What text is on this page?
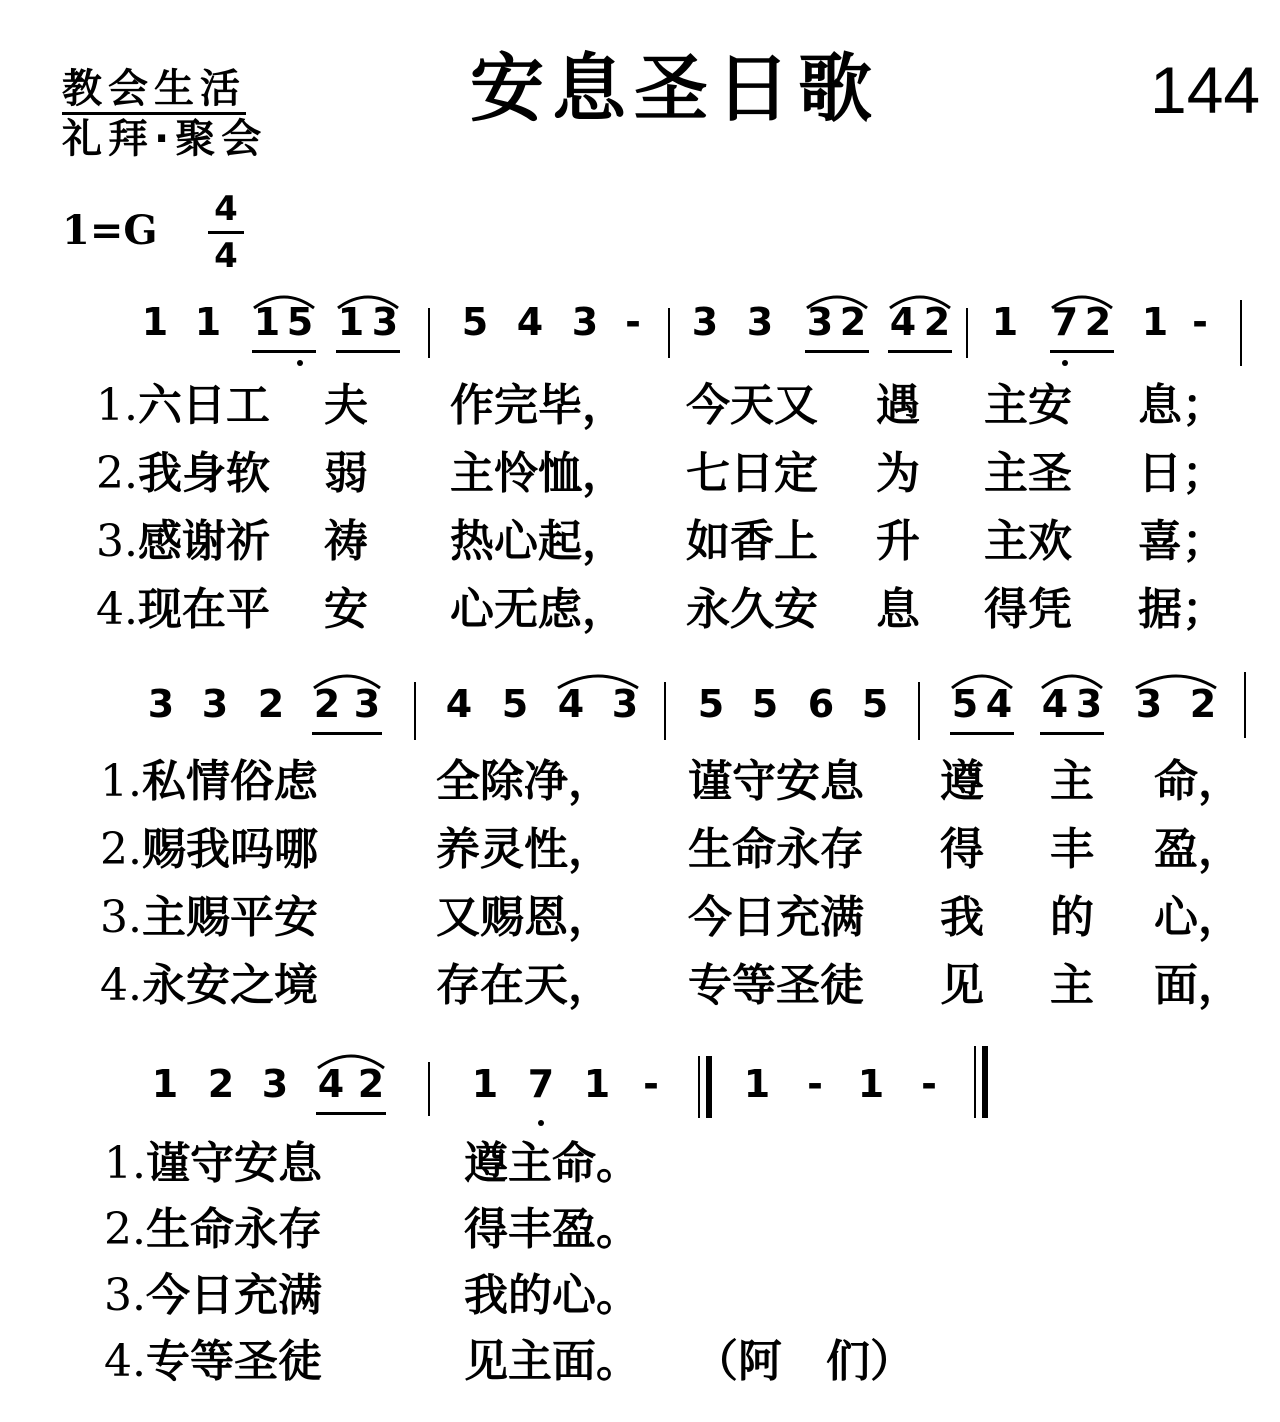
教会生活
礼拜·聚会
安息圣日歌	144
1=G 4
4
1 1 1 5 1 3 5 4 3 - 3 3 3 2 4 2 1 7 2 1 -
1.六日工 夫 作完毕， 今天又 遇 主安 息；
2.我身软 弱 主怜恤， 七日定 为 主圣 日；
3.感谢祈 祷 热心起， 如香上 升 主欢 喜；
4.现在平 安 心无虑， 永久安 息 得凭 据；
3 3 2 2 3 4 5 4 3 5 5 6 5 5 4 4 3 3 2
1.私情俗虑	全除净， 谨守安息 遵 主 命，
2.赐我吗哪	养灵性， 生命永存 得 丰 盈，
3.主赐平安	又赐恩， 今日充满 我 的 心，
4.永安之境	存在天， 专等圣徒 见 主 面，
1 2 3 4 2 1 7 1 - 1 - 1 -
1.谨守安息	遵主命。
2.生命永存	得丰盈。
3.今日充满	我的心。
4.专等圣徒	见主面。 （阿　们）
